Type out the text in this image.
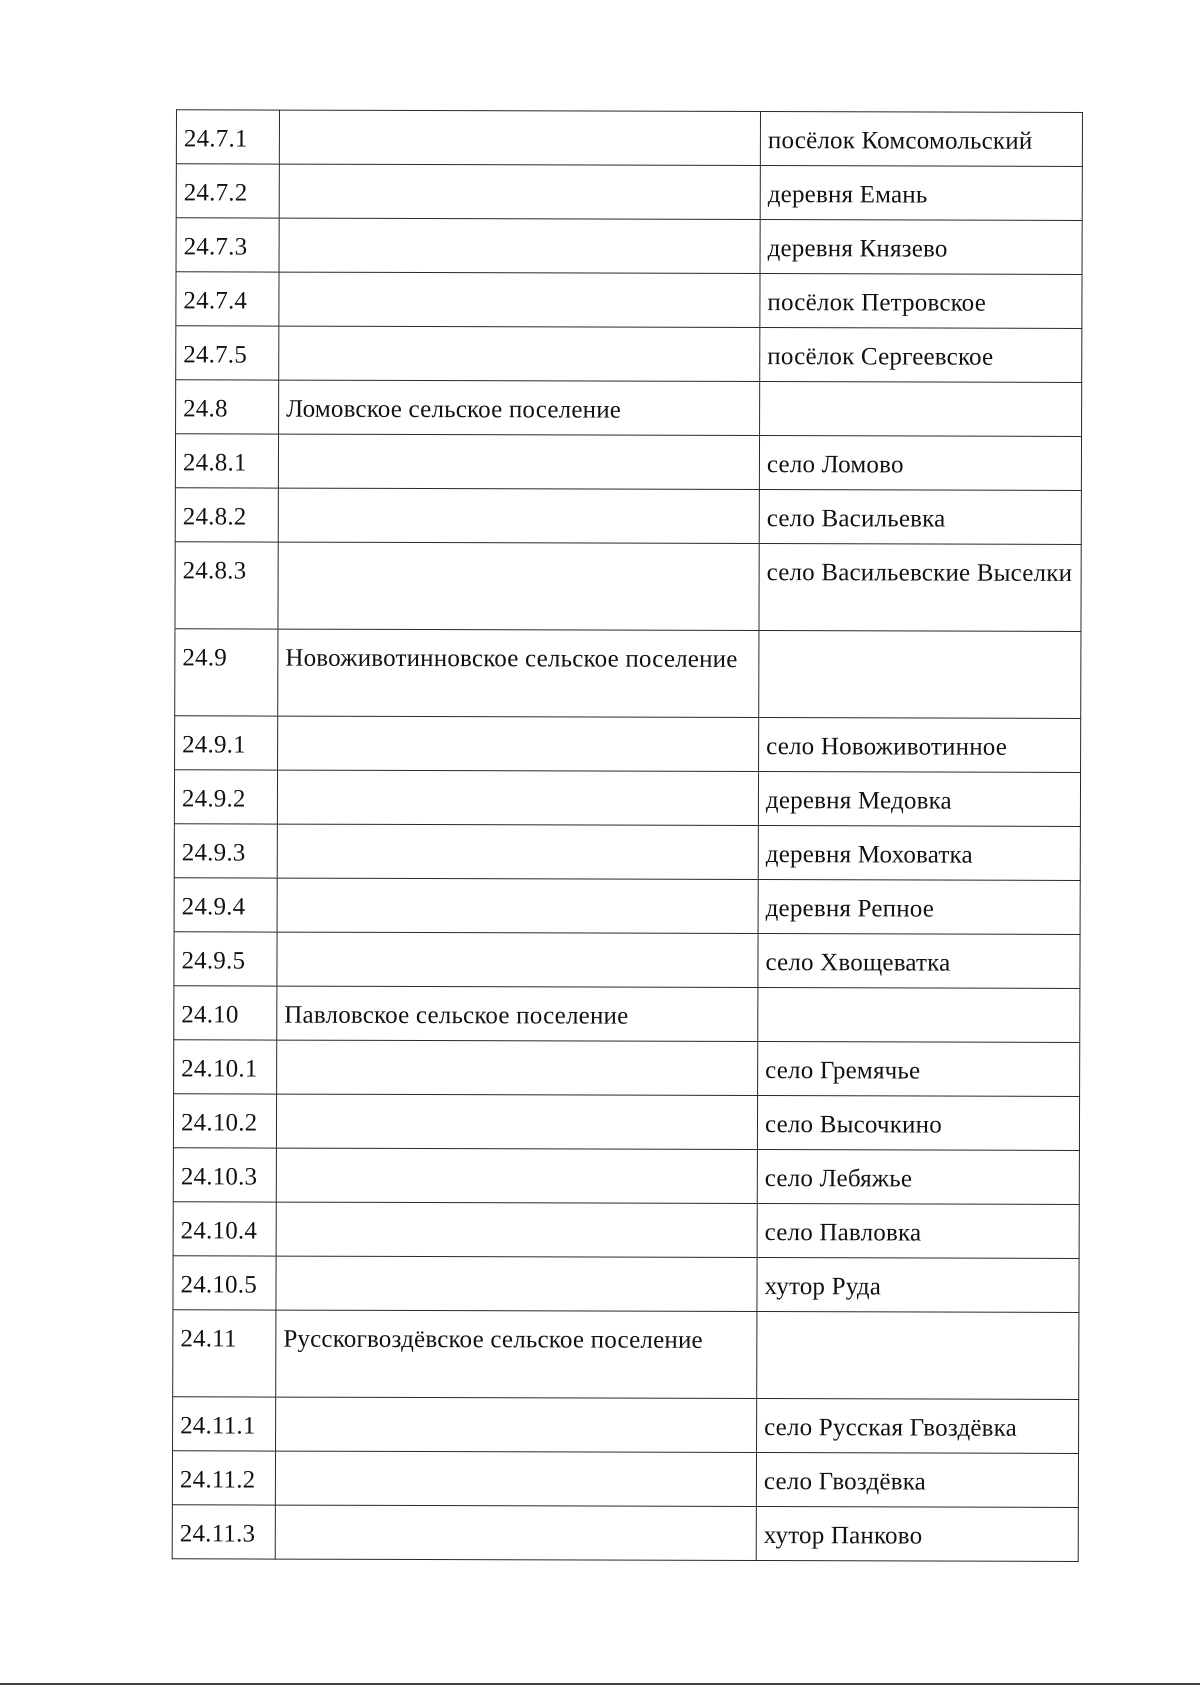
24.7.1		посёлок Комсомольский
24.7.2		деревня Емань
24.7.3		деревня Князево
24.7.4		посёлок Петровское
24.7.5		посёлок Сергеевское
24.8	Ломовское сельское поселение	
24.8.1		село Ломово
24.8.2		село Васильевка
24.8.3		село Васильевские Выселки
24.9	Новоживотинновское сельское поселение	
24.9.1		село Новоживотинное
24.9.2		деревня Медовка
24.9.3		деревня Моховатка
24.9.4		деревня Репное
24.9.5		село Хвощеватка
24.10	Павловское сельское поселение	
24.10.1		село Гремячье
24.10.2		село Высочкино
24.10.3		село Лебяжье
24.10.4		село Павловка
24.10.5		хутор Руда
24.11	Русскогвоздёвское сельское поселение	
24.11.1		село Русская Гвоздёвка
24.11.2		село Гвоздёвка
24.11.3		хутор Панково
